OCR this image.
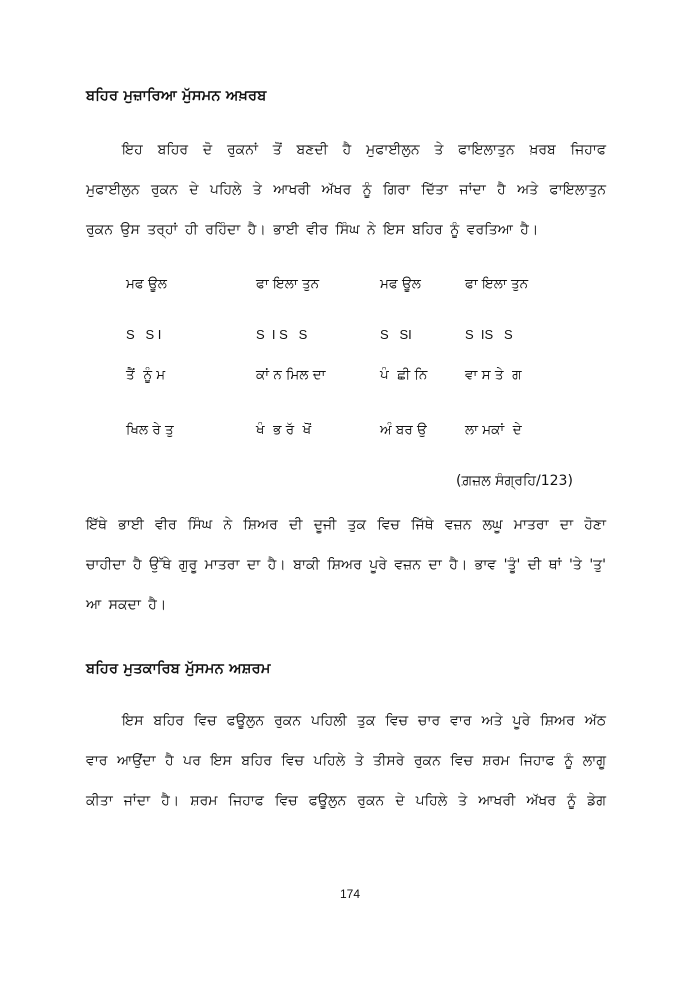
ਬਹਿਰ ਮੁਜ਼ਾਰਿਆ ਮੁੱਸਮਨ ਅਖ਼ਰਬ
ਇਹ ਬਹਿਰ ਦੋ ਰੁਕਨਾਂ ਤੋਂ ਬਣਦੀ ਹੈ ਮੁਫਾਈਲੁਨ ਤੇ ਫਾਇਲਾਤੁਨ ਖ਼ਰਬ ਜਿਹਾਫ
ਮੁਫਾਈਲੁਨ ਰੁਕਨ ਦੇ ਪਹਿਲੇ ਤੇ ਆਖਰੀ ਅੱਖਰ ਨੂੰ ਗਿਰਾ ਦਿੱਤਾ ਜਾਂਦਾ ਹੈ ਅਤੇ ਫਾਇਲਾਤੁਨ
ਰੁਕਨ ਉਸ ਤਰ੍ਹਾਂ ਹੀ ਰਹਿੰਦਾ ਹੈ। ਭਾਈ ਵੀਰ ਸਿੰਘ ਨੇ ਇਸ ਬਹਿਰ ਨੂੰ ਵਰਤਿਆ ਹੈ।
ਮਫ ਊਲ	ਫਾ ਇਲਾ ਤੁਨ	ਮਫ ਊਲ	ਫਾ ਇਲਾ ਤੁਨ
S   S I	S  I S   S	S   SI	S  IS   S
ਤੈਂ  ਨੂੰ ਮ	ਕਾਂ ਨ ਮਿਲ ਦਾ	ਪੰ  ਛੀ ਨਿ	ਵਾ ਸ ਤੇ  ਗ
ਖਿਲ ਰੇ ਤੁ	ਖੰ  ਭ ਰੱ  ਖੋਂ	ਅੰ ਬਰ ਉ	ਲਾ ਮਕਾਂ  ਦੇ
(ਗ਼ਜ਼ਲ ਸੰਗ੍ਰਹਿ/123)
ਇੱਥੇ ਭਾਈ ਵੀਰ ਸਿੰਘ ਨੇ ਸ਼ਿਅਰ ਦੀ ਦੂਜੀ ਤੁਕ ਵਿਚ ਜਿੱਥੇ ਵਜ਼ਨ ਲਘੂ ਮਾਤਰਾ ਦਾ ਹੋਣਾ
ਚਾਹੀਦਾ ਹੈ ਉੱਥੇ ਗੁਰੂ ਮਾਤਰਾ ਦਾ ਹੈ। ਬਾਕੀ ਸ਼ਿਅਰ ਪੂਰੇ ਵਜ਼ਨ ਦਾ ਹੈ। ਭਾਵ 'ਤੂੰ' ਦੀ ਥਾਂ 'ਤੇ 'ਤੁ'
ਆ ਸਕਦਾ ਹੈ।
ਬਹਿਰ ਮੁਤਕਾਰਿਬ ਮੁੱਸਮਨ ਅਸ਼ਰਮ
ਇਸ ਬਹਿਰ ਵਿਚ ਫਊਲੁਨ ਰੁਕਨ ਪਹਿਲੀ ਤੁਕ ਵਿਚ ਚਾਰ ਵਾਰ ਅਤੇ ਪੂਰੇ ਸ਼ਿਅਰ ਅੱਠ
ਵਾਰ ਆਉਂਦਾ ਹੈ ਪਰ ਇਸ ਬਹਿਰ ਵਿਚ ਪਹਿਲੇ ਤੇ ਤੀਸਰੇ ਰੁਕਨ ਵਿਚ ਸ਼ਰਮ ਜਿਹਾਫ ਨੂੰ ਲਾਗੂ
ਕੀਤਾ ਜਾਂਦਾ ਹੈ। ਸ਼ਰਮ ਜਿਹਾਫ ਵਿਚ ਫਊਲੁਨ ਰੁਕਨ ਦੇ ਪਹਿਲੇ ਤੇ ਆਖਰੀ ਅੱਖਰ ਨੂੰ ਡੇਗ
174
